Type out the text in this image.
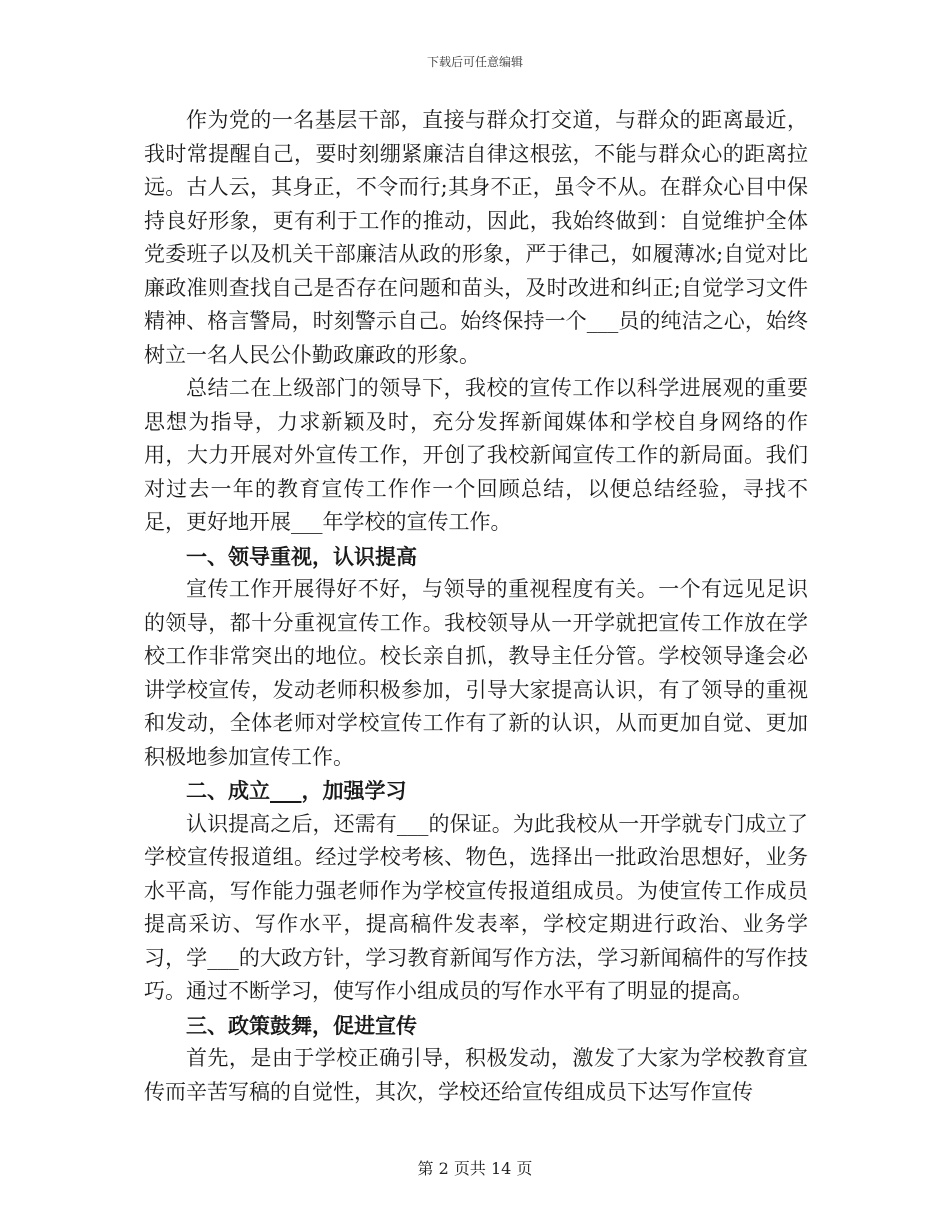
下载后可任意编辑

作为党的一名基层干部，直接与群众打交道，与群众的距离最近，我时常提醒自己，要时刻绷紧廉洁自律这根弦，不能与群众心的距离拉远。古人云，其身正，不令而行;其身不正，虽令不从。在群众心目中保持良好形象，更有利于工作的推动，因此，我始终做到：自觉维护全体党委班子以及机关干部廉洁从政的形象，严于律己，如履薄冰;自觉对比廉政准则查找自己是否存在问题和苗头，及时改进和纠正;自觉学习文件精神、格言警局，时刻警示自己。始终保持一个___员的纯洁之心，始终树立一名人民公仆勤政廉政的形象。

总结二在上级部门的领导下，我校的宣传工作以科学进展观的重要思想为指导，力求新颖及时，充分发挥新闻媒体和学校自身网络的作用，大力开展对外宣传工作，开创了我校新闻宣传工作的新局面。我们对过去一年的教育宣传工作作一个回顾总结，以便总结经验，寻找不足，更好地开展___年学校的宣传工作。

一、领导重视，认识提高

宣传工作开展得好不好，与领导的重视程度有关。一个有远见足识的领导，都十分重视宣传工作。我校领导从一开学就把宣传工作放在学校工作非常突出的地位。校长亲自抓，教导主任分管。学校领导逢会必讲学校宣传，发动老师积极参加，引导大家提高认识，有了领导的重视和发动，全体老师对学校宣传工作有了新的认识，从而更加自觉、更加积极地参加宣传工作。

二、成立___，加强学习

认识提高之后，还需有___的保证。为此我校从一开学就专门成立了学校宣传报道组。经过学校考核、物色，选择出一批政治思想好，业务水平高，写作能力强老师作为学校宣传报道组成员。为使宣传工作成员提高采访、写作水平，提高稿件发表率，学校定期进行政治、业务学习，学___的大政方针，学习教育新闻写作方法，学习新闻稿件的写作技巧。通过不断学习，使写作小组成员的写作水平有了明显的提高。

三、政策鼓舞，促进宣传

首先，是由于学校正确引导，积极发动，激发了大家为学校教育宣传而辛苦写稿的自觉性，其次，学校还给宣传组成员下达写作宣传

第 2 页共 14 页
